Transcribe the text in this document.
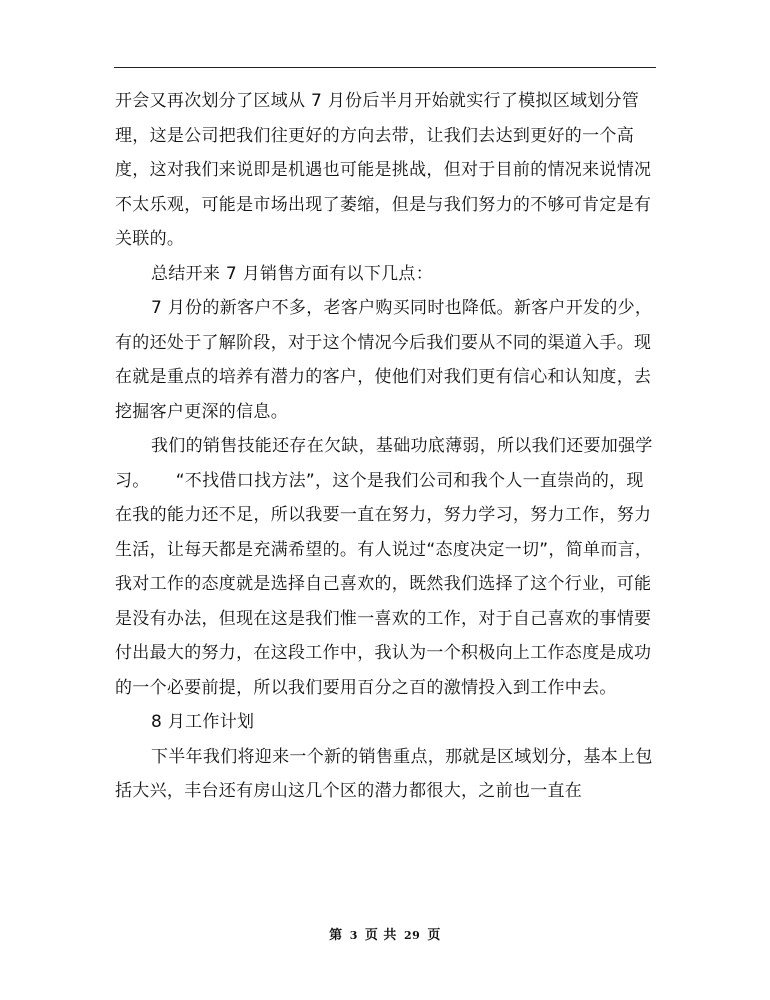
开会又再次划分了区域从 7 月份后半月开始就实行了模拟区域划分管理，这是公司把我们往更好的方向去带，让我们去达到更好的一个高度，这对我们来说即是机遇也可能是挑战，但对于目前的情况来说情况不太乐观，可能是市场出现了萎缩，但是与我们努力的不够可肯定是有关联的。

总结开来 7 月销售方面有以下几点：

7 月份的新客户不多，老客户购买同时也降低。新客户开发的少，有的还处于了解阶段，对于这个情况今后我们要从不同的渠道入手。现在就是重点的培养有潜力的客户，使他们对我们更有信心和认知度，去挖掘客户更深的信息。

我们的销售技能还存在欠缺，基础功底薄弱，所以我们还要加强学习。　　“不找借口找方法”，这个是我们公司和我个人一直崇尚的，现在我的能力还不足，所以我要一直在努力，努力学习，努力工作，努力生活，让每天都是充满希望的。有人说过“态度决定一切”，简单而言，我对工作的态度就是选择自己喜欢的，既然我们选择了这个行业，可能是没有办法，但现在这是我们惟一喜欢的工作，对于自己喜欢的事情要付出最大的努力，在这段工作中，我认为一个积极向上工作态度是成功的一个必要前提，所以我们要用百分之百的激情投入到工作中去。

8 月工作计划

下半年我们将迎来一个新的销售重点，那就是区域划分，基本上包括大兴，丰台还有房山这几个区的潜力都很大，之前也一直在

第 3 页 共 29 页
